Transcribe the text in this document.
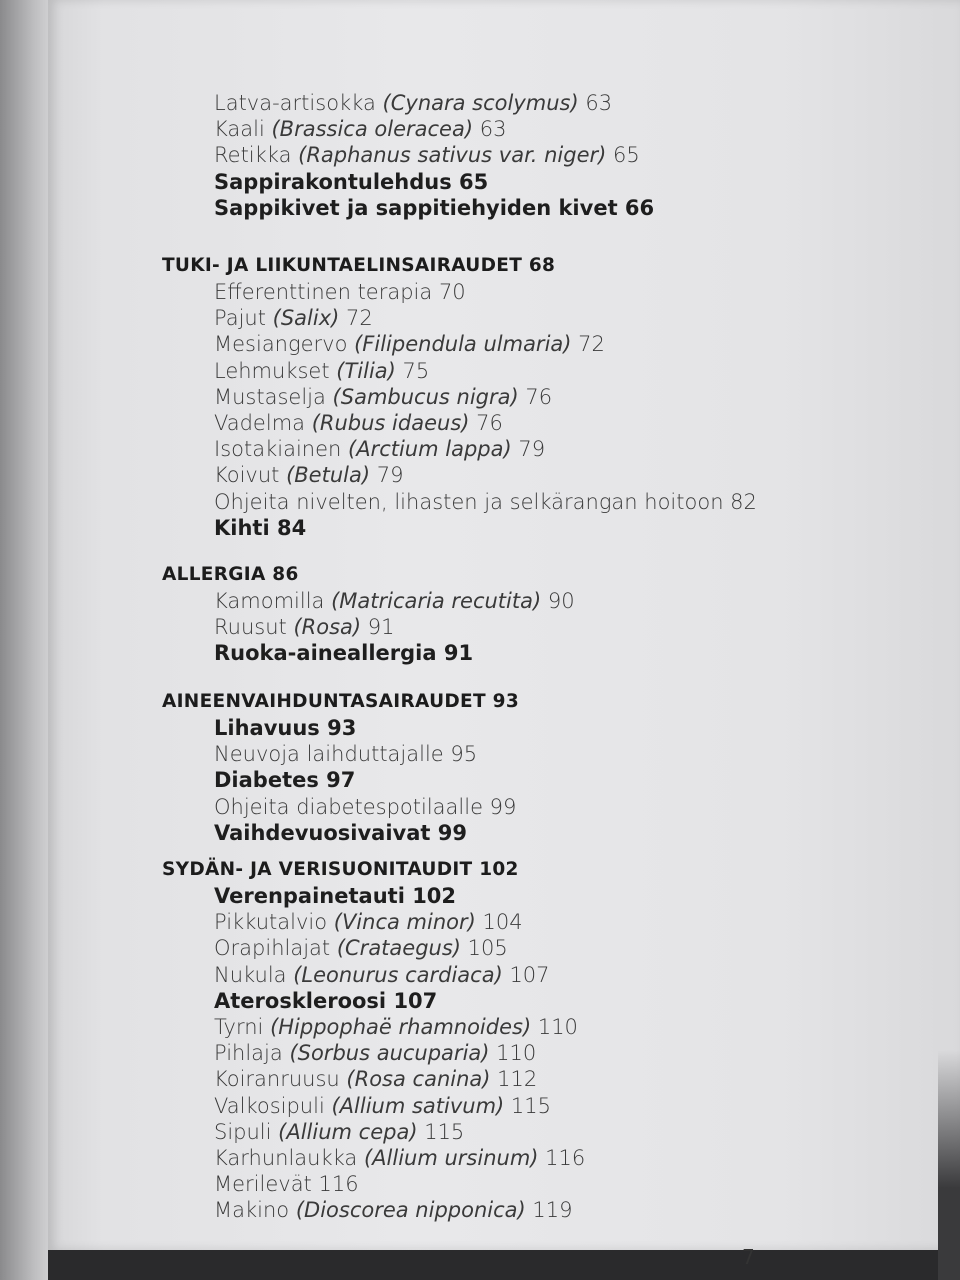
Latva-artisokka (Cynara scolymus) 63
Kaali (Brassica oleracea) 63
Retikka (Raphanus sativus var. niger) 65
Sappirakontulehdus 65
Sappikivet ja sappitiehyiden kivet 66
TUKI- JA LIIKUNTAELINSAIRAUDET 68
Efferenttinen terapia 70
Pajut (Salix) 72
Mesiangervo (Filipendula ulmaria) 72
Lehmukset (Tilia) 75
Mustaselja (Sambucus nigra) 76
Vadelma (Rubus idaeus) 76
Isotakiainen (Arctium lappa) 79
Koivut (Betula) 79
Ohjeita nivelten, lihasten ja selkärangan hoitoon 82
Kihti 84
ALLERGIA 86
Kamomilla (Matricaria recutita) 90
Ruusut (Rosa) 91
Ruoka-aineallergia 91
AINEENVAIHDUNTASAIRAUDET 93
Lihavuus 93
Neuvoja laihduttajalle 95
Diabetes 97
Ohjeita diabetespotilaalle 99
Vaihdevuosivaivat 99
SYDÄN- JA VERISUONITAUDIT 102
Verenpainetauti 102
Pikkutalvio (Vinca minor) 104
Orapihlajat (Crataegus) 105
Nukula (Leonurus cardiaca) 107
Ateroskleroosi 107
Tyrni (Hippophaë rhamnoides) 110
Pihlaja (Sorbus aucuparia) 110
Koiranruusu (Rosa canina) 112
Valkosipuli (Allium sativum) 115
Sipuli (Allium cepa) 115
Karhunlaukka (Allium ursinum) 116
Merilevät 116
Makino (Dioscorea nipponica) 119
7
